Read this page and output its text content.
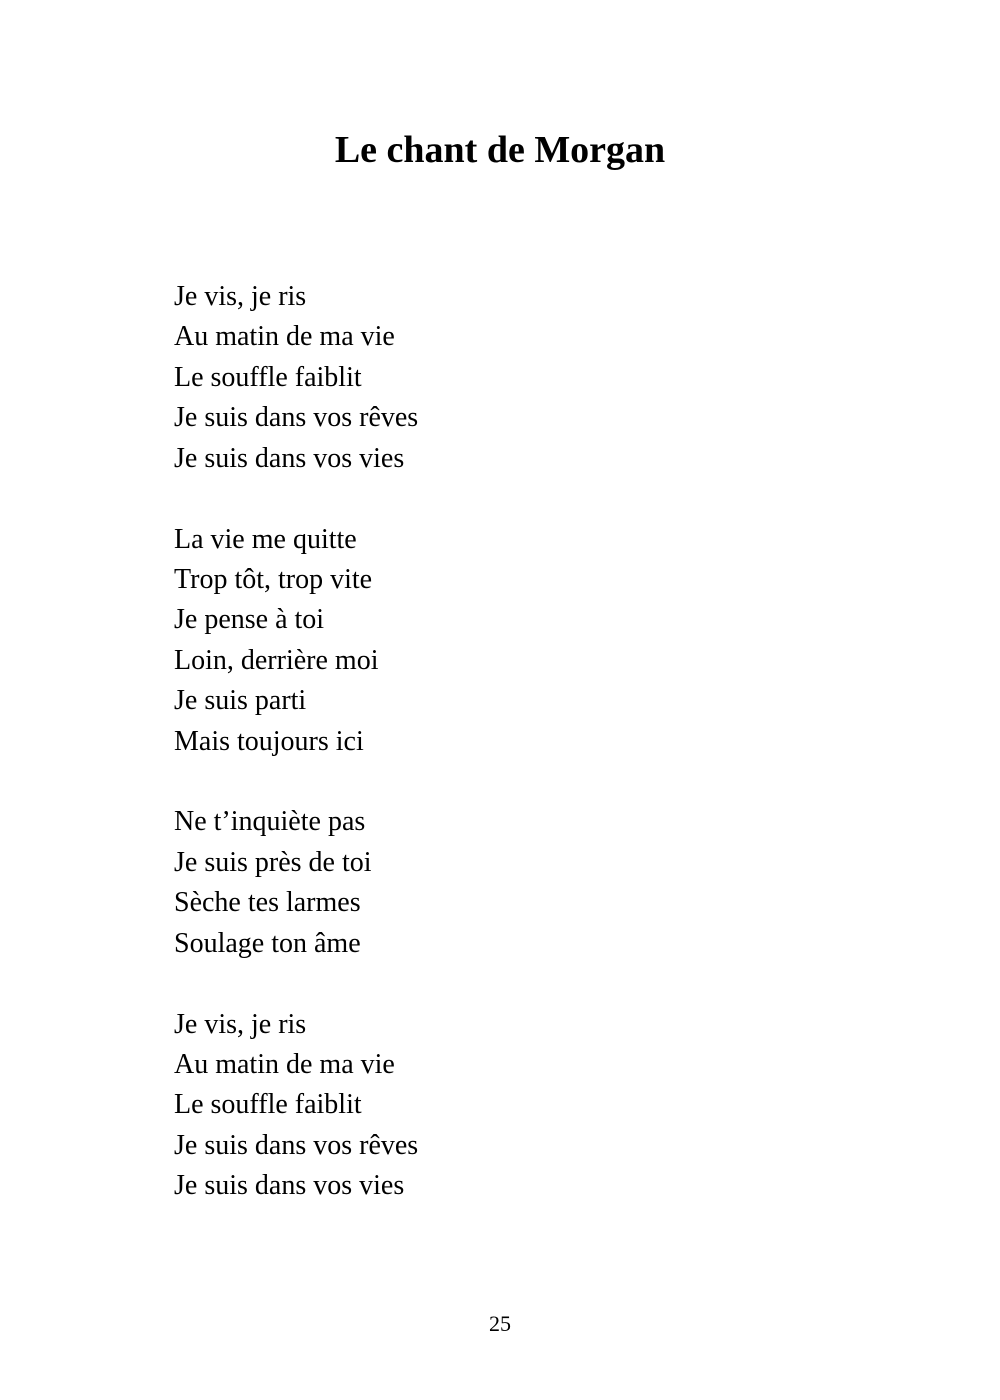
Le chant de Morgan
Je vis, je ris
Au matin de ma vie
Le souffle faiblit
Je suis dans vos rêves
Je suis dans vos vies
La vie me quitte
Trop tôt, trop vite
Je pense à toi
Loin, derrière moi
Je suis parti
Mais toujours ici
Ne t’inquiète pas
Je suis près de toi
Sèche tes larmes
Soulage ton âme
Je vis, je ris
Au matin de ma vie
Le souffle faiblit
Je suis dans vos rêves
Je suis dans vos vies
25
